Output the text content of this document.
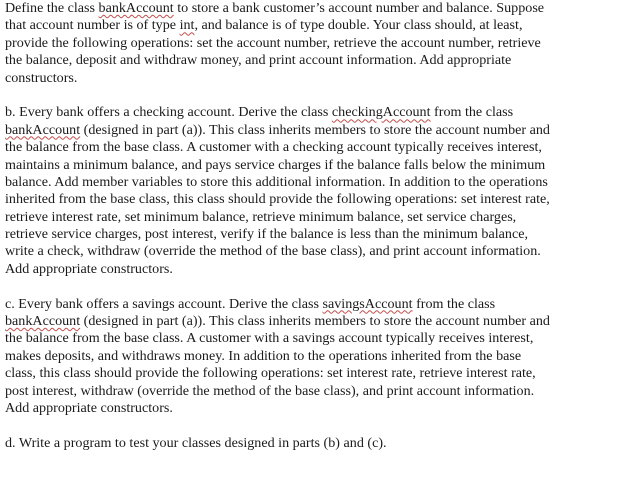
Define the class bankAccount to store a bank customer’s account number and balance. Suppose
that account number is of type int, and balance is of type double. Your class should, at least,
provide the following operations: set the account number, retrieve the account number, retrieve
the balance, deposit and withdraw money, and print account information. Add appropriate
constructors.
b. Every bank offers a checking account. Derive the class checkingAccount from the class
bankAccount (designed in part (a)). This class inherits members to store the account number and
the balance from the base class. A customer with a checking account typically receives interest,
maintains a minimum balance, and pays service charges if the balance falls below the minimum
balance. Add member variables to store this additional information. In addition to the operations
inherited from the base class, this class should provide the following operations: set interest rate,
retrieve interest rate, set minimum balance, retrieve minimum balance, set service charges,
retrieve service charges, post interest, verify if the balance is less than the minimum balance,
write a check, withdraw (override the method of the base class), and print account information.
Add appropriate constructors.
c. Every bank offers a savings account. Derive the class savingsAccount from the class
bankAccount (designed in part (a)). This class inherits members to store the account number and
the balance from the base class. A customer with a savings account typically receives interest,
makes deposits, and withdraws money. In addition to the operations inherited from the base
class, this class should provide the following operations: set interest rate, retrieve interest rate,
post interest, withdraw (override the method of the base class), and print account information.
Add appropriate constructors.
d. Write a program to test your classes designed in parts (b) and (c).
